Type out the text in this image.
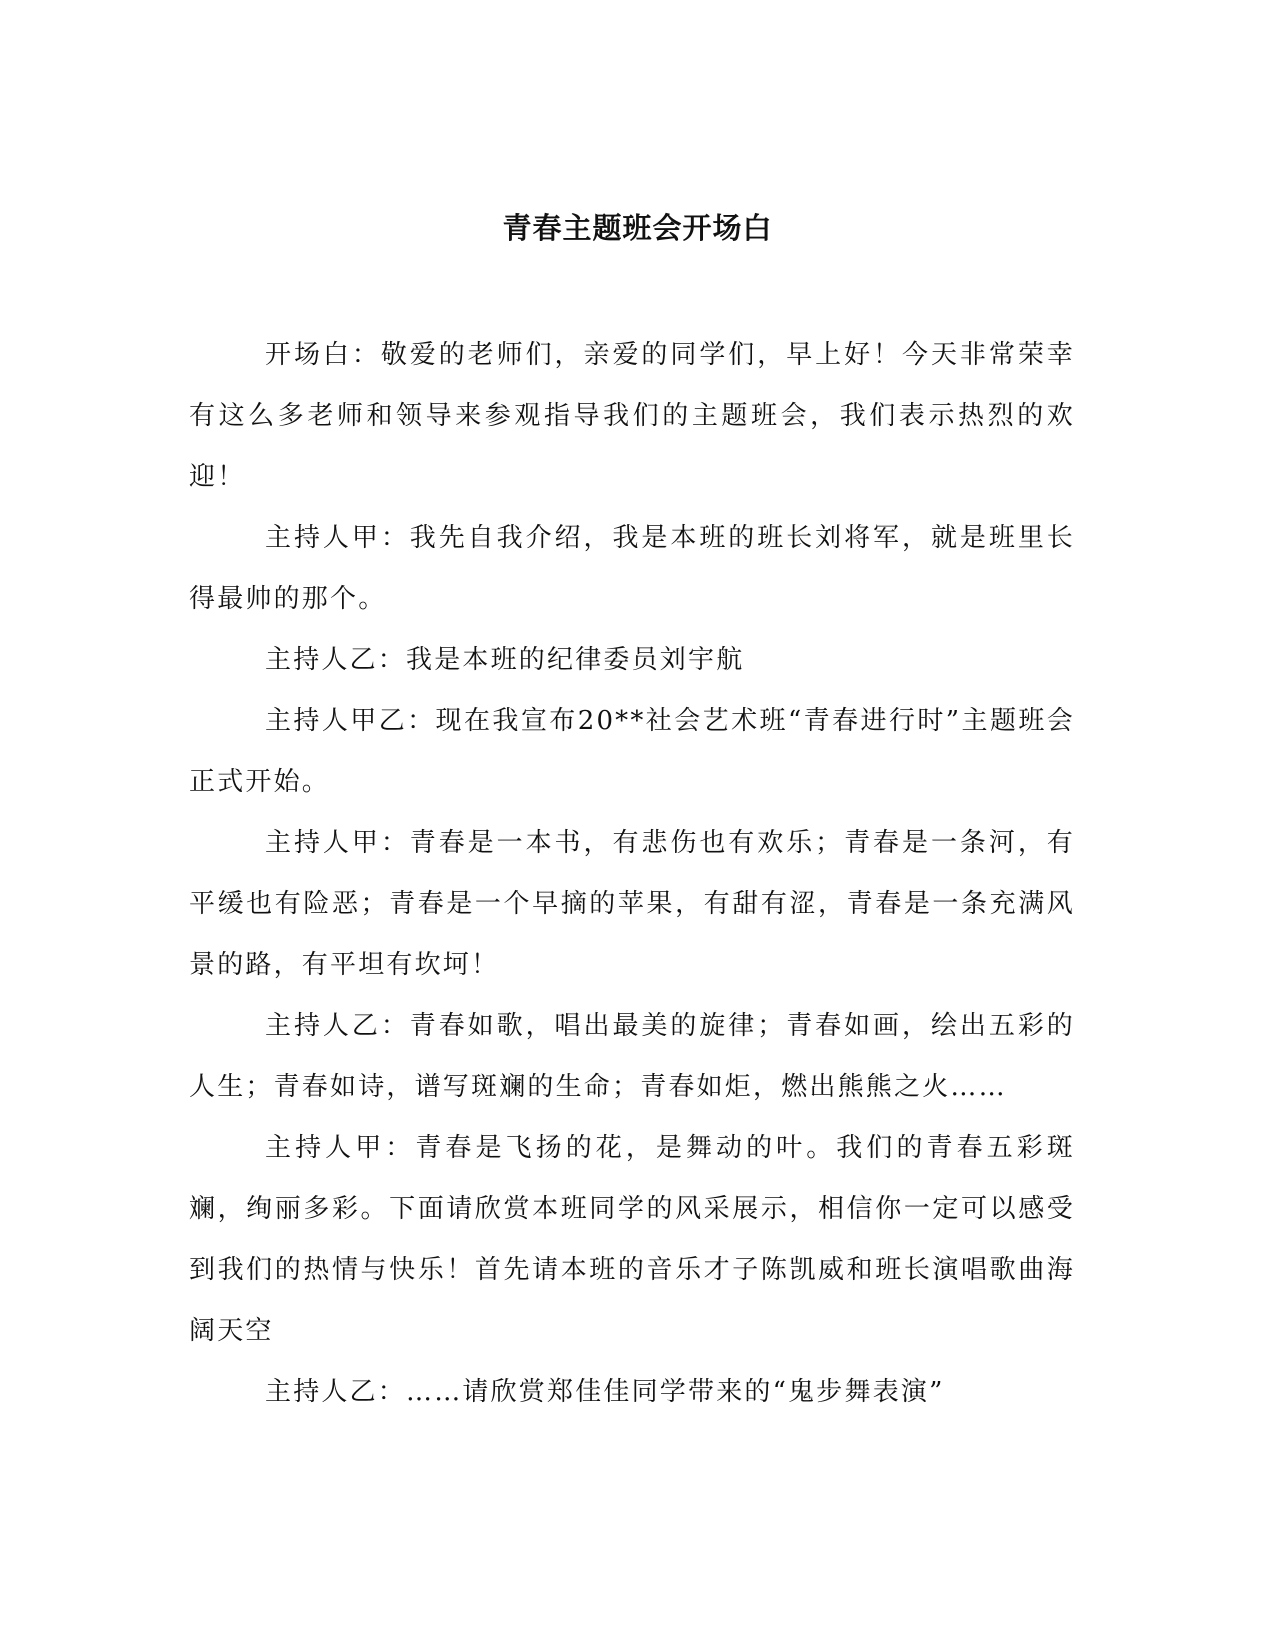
青春主题班会开场白

开场白：敬爱的老师们，亲爱的同学们，早上好！今天非常荣幸有这么多老师和领导来参观指导我们的主题班会，我们表示热烈的欢迎！

主持人甲：我先自我介绍，我是本班的班长刘将军，就是班里长得最帅的那个。

主持人乙：我是本班的纪律委员刘宇航

主持人甲乙：现在我宣布20**社会艺术班“青春进行时”主题班会正式开始。

主持人甲：青春是一本书，有悲伤也有欢乐；青春是一条河，有平缓也有险恶；青春是一个早摘的苹果，有甜有涩，青春是一条充满风景的路，有平坦有坎坷！

主持人乙：青春如歌，唱出最美的旋律；青春如画，绘出五彩的人生；青春如诗，谱写斑斓的生命；青春如炬，燃出熊熊之火……

主持人甲：青春是飞扬的花，是舞动的叶。我们的青春五彩斑斓，绚丽多彩。下面请欣赏本班同学的风采展示，相信你一定可以感受到我们的热情与快乐！首先请本班的音乐才子陈凯威和班长演唱歌曲海阔天空

主持人乙：……请欣赏郑佳佳同学带来的“鬼步舞表演”
